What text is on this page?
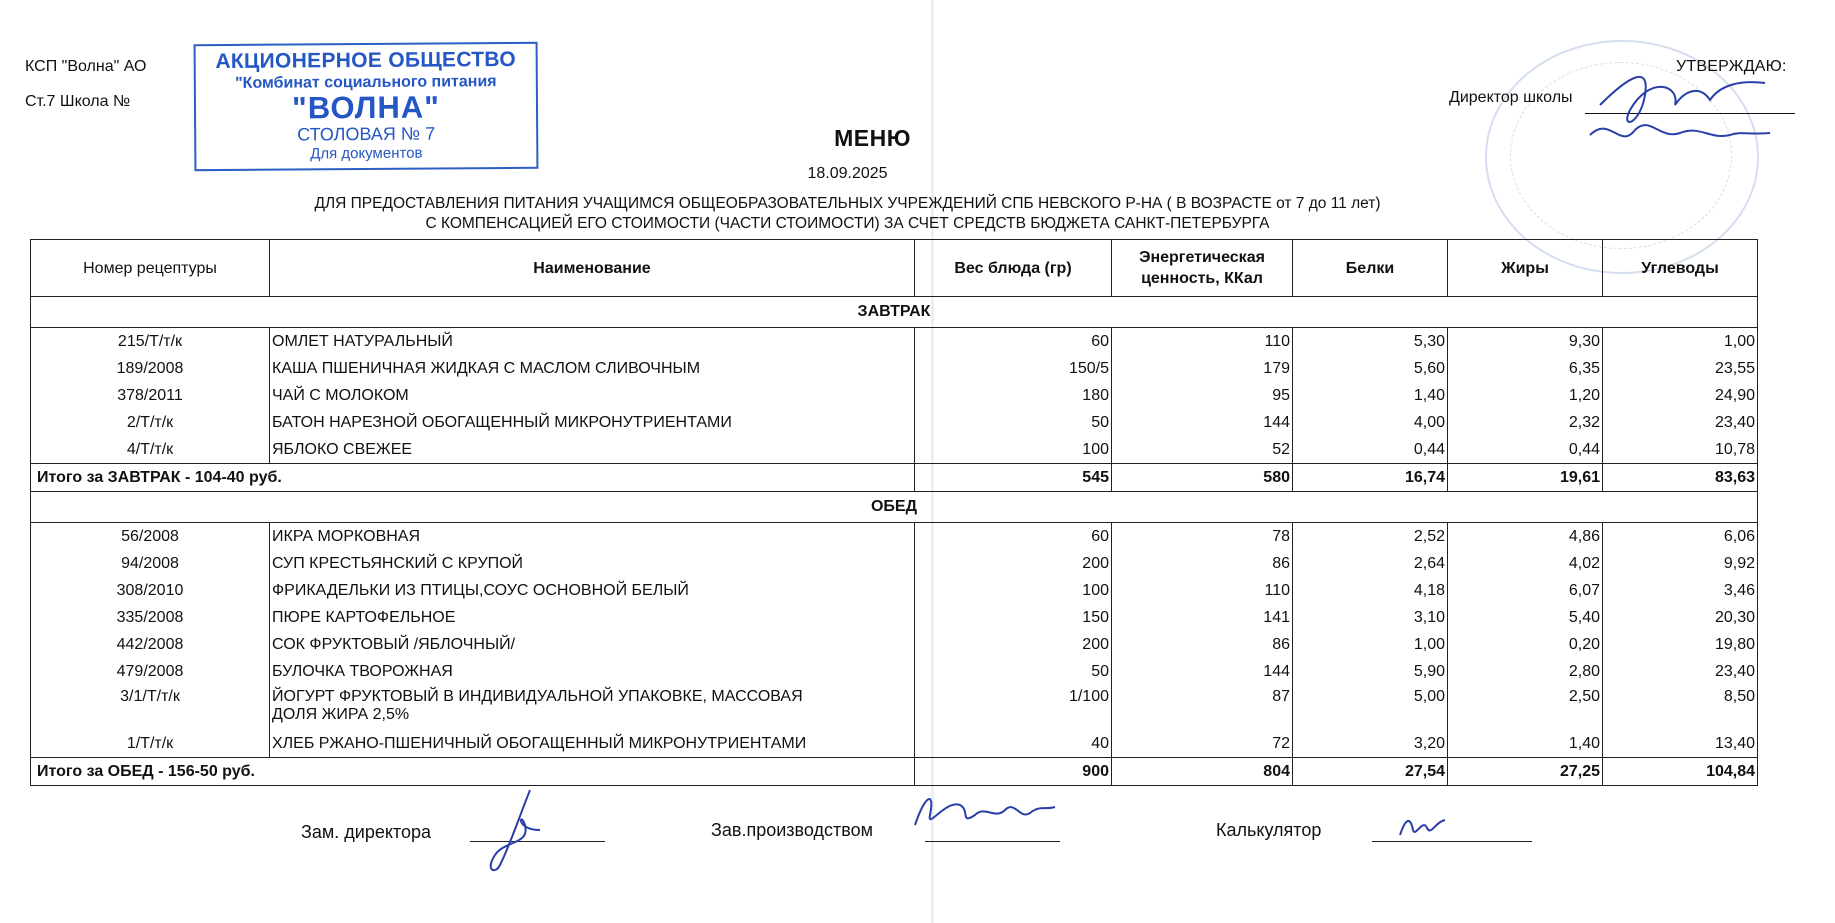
КСП "Волна" АО
Ст.7 Школа №
АКЦИОНЕРНОЕ ОБЩЕСТВО
"Комбинат социального питания
"ВОЛНА"
СТОЛОВАЯ № 7
Для документов
УТВЕРЖДАЮ:
Директор школы
МЕНЮ
18.09.2025
ДЛЯ ПРЕДОСТАВЛЕНИЯ ПИТАНИЯ УЧАЩИМСЯ ОБЩЕОБРАЗОВАТЕЛЬНЫХ УЧРЕЖДЕНИЙ СПБ НЕВСКОГО Р-НА ( В ВОЗРАСТЕ от 7 до 11 лет)
С КОМПЕНСАЦИЕЙ ЕГО СТОИМОСТИ (ЧАСТИ СТОИМОСТИ) ЗА СЧЕТ СРЕДСТВ БЮДЖЕТА САНКТ-ПЕТЕРБУРГА
Номер рецептуры	Наименование	Вес блюда (гр)	Энергетическая ценность, ККал	Белки	Жиры	Углеводы
ЗАВТРАК						
215/Т/т/к	ОМЛЕТ НАТУРАЛЬНЫЙ	60	110	5,30	9,30	1,00
189/2008	КАША ПШЕНИЧНАЯ ЖИДКАЯ С МАСЛОМ СЛИВОЧНЫМ	150/5	179	5,60	6,35	23,55
378/2011	ЧАЙ С МОЛОКОМ	180	95	1,40	1,20	24,90
2/Т/т/к	БАТОН НАРЕЗНОЙ ОБОГАЩЕННЫЙ МИКРОНУТРИЕНТАМИ	50	144	4,00	2,32	23,40
4/Т/т/к	ЯБЛОКО СВЕЖЕЕ	100	52	0,44	0,44	10,78
Итого за ЗАВТРАК - 104-40 руб.		545	580	16,74	19,61	83,63
ОБЕД						
56/2008	ИКРА МОРКОВНАЯ	60	78	2,52	4,86	6,06
94/2008	СУП КРЕСТЬЯНСКИЙ С КРУПОЙ	200	86	2,64	4,02	9,92
308/2010	ФРИКАДЕЛЬКИ ИЗ ПТИЦЫ,СОУС ОСНОВНОЙ БЕЛЫЙ	100	110	4,18	6,07	3,46
335/2008	ПЮРЕ КАРТОФЕЛЬНОЕ	150	141	3,10	5,40	20,30
442/2008	СОК ФРУКТОВЫЙ /ЯБЛОЧНЫЙ/	200	86	1,00	0,20	19,80
479/2008	БУЛОЧКА ТВОРОЖНАЯ	50	144	5,90	2,80	23,40
3/1/Т/т/к	ЙОГУРТ ФРУКТОВЫЙ В ИНДИВИДУАЛЬНОЙ УПАКОВКЕ, МАССОВАЯ
ДОЛЯ ЖИРА 2,5%	1/100	87	5,00	2,50	8,50
1/Т/т/к	ХЛЕБ РЖАНО-ПШЕНИЧНЫЙ ОБОГАЩЕННЫЙ МИКРОНУТРИЕНТАМИ	40	72	3,20	1,40	13,40
Итого за ОБЕД - 156-50 руб.		900	804	27,54	27,25	104,84
Зам. директора	Зав.производством	Калькулятор
